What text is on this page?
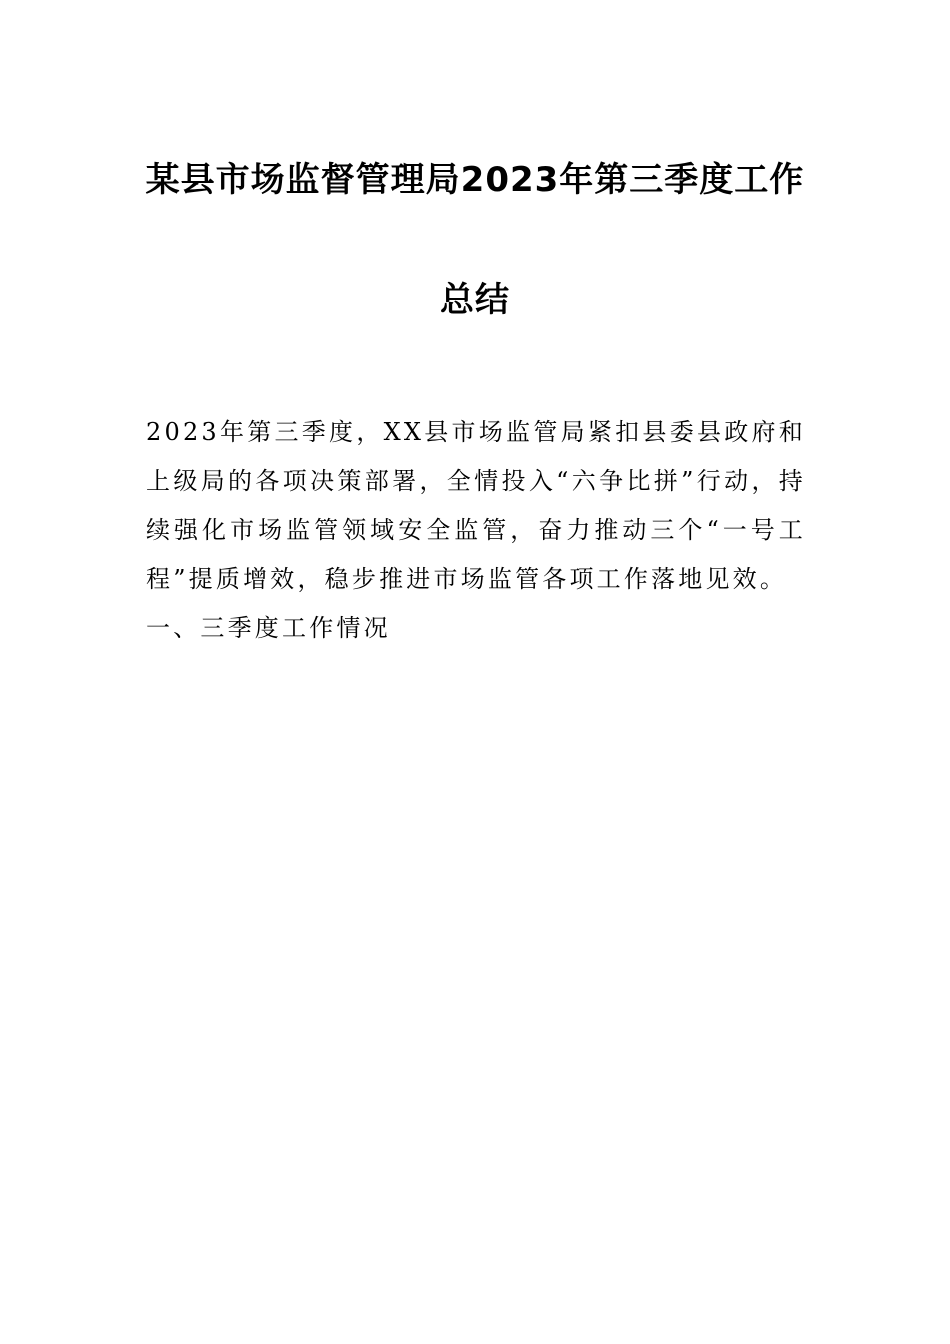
某县市场监督管理局2023年第三季度工作
总结

2023年第三季度，XX县市场监管局紧扣县委县政府和上级局的各项决策部署，全情投入“六争比拼”行动，持续强化市场监管领域安全监管，奋力推动三个“一号工程”提质增效，稳步推进市场监管各项工作落地见效。

一、三季度工作情况
